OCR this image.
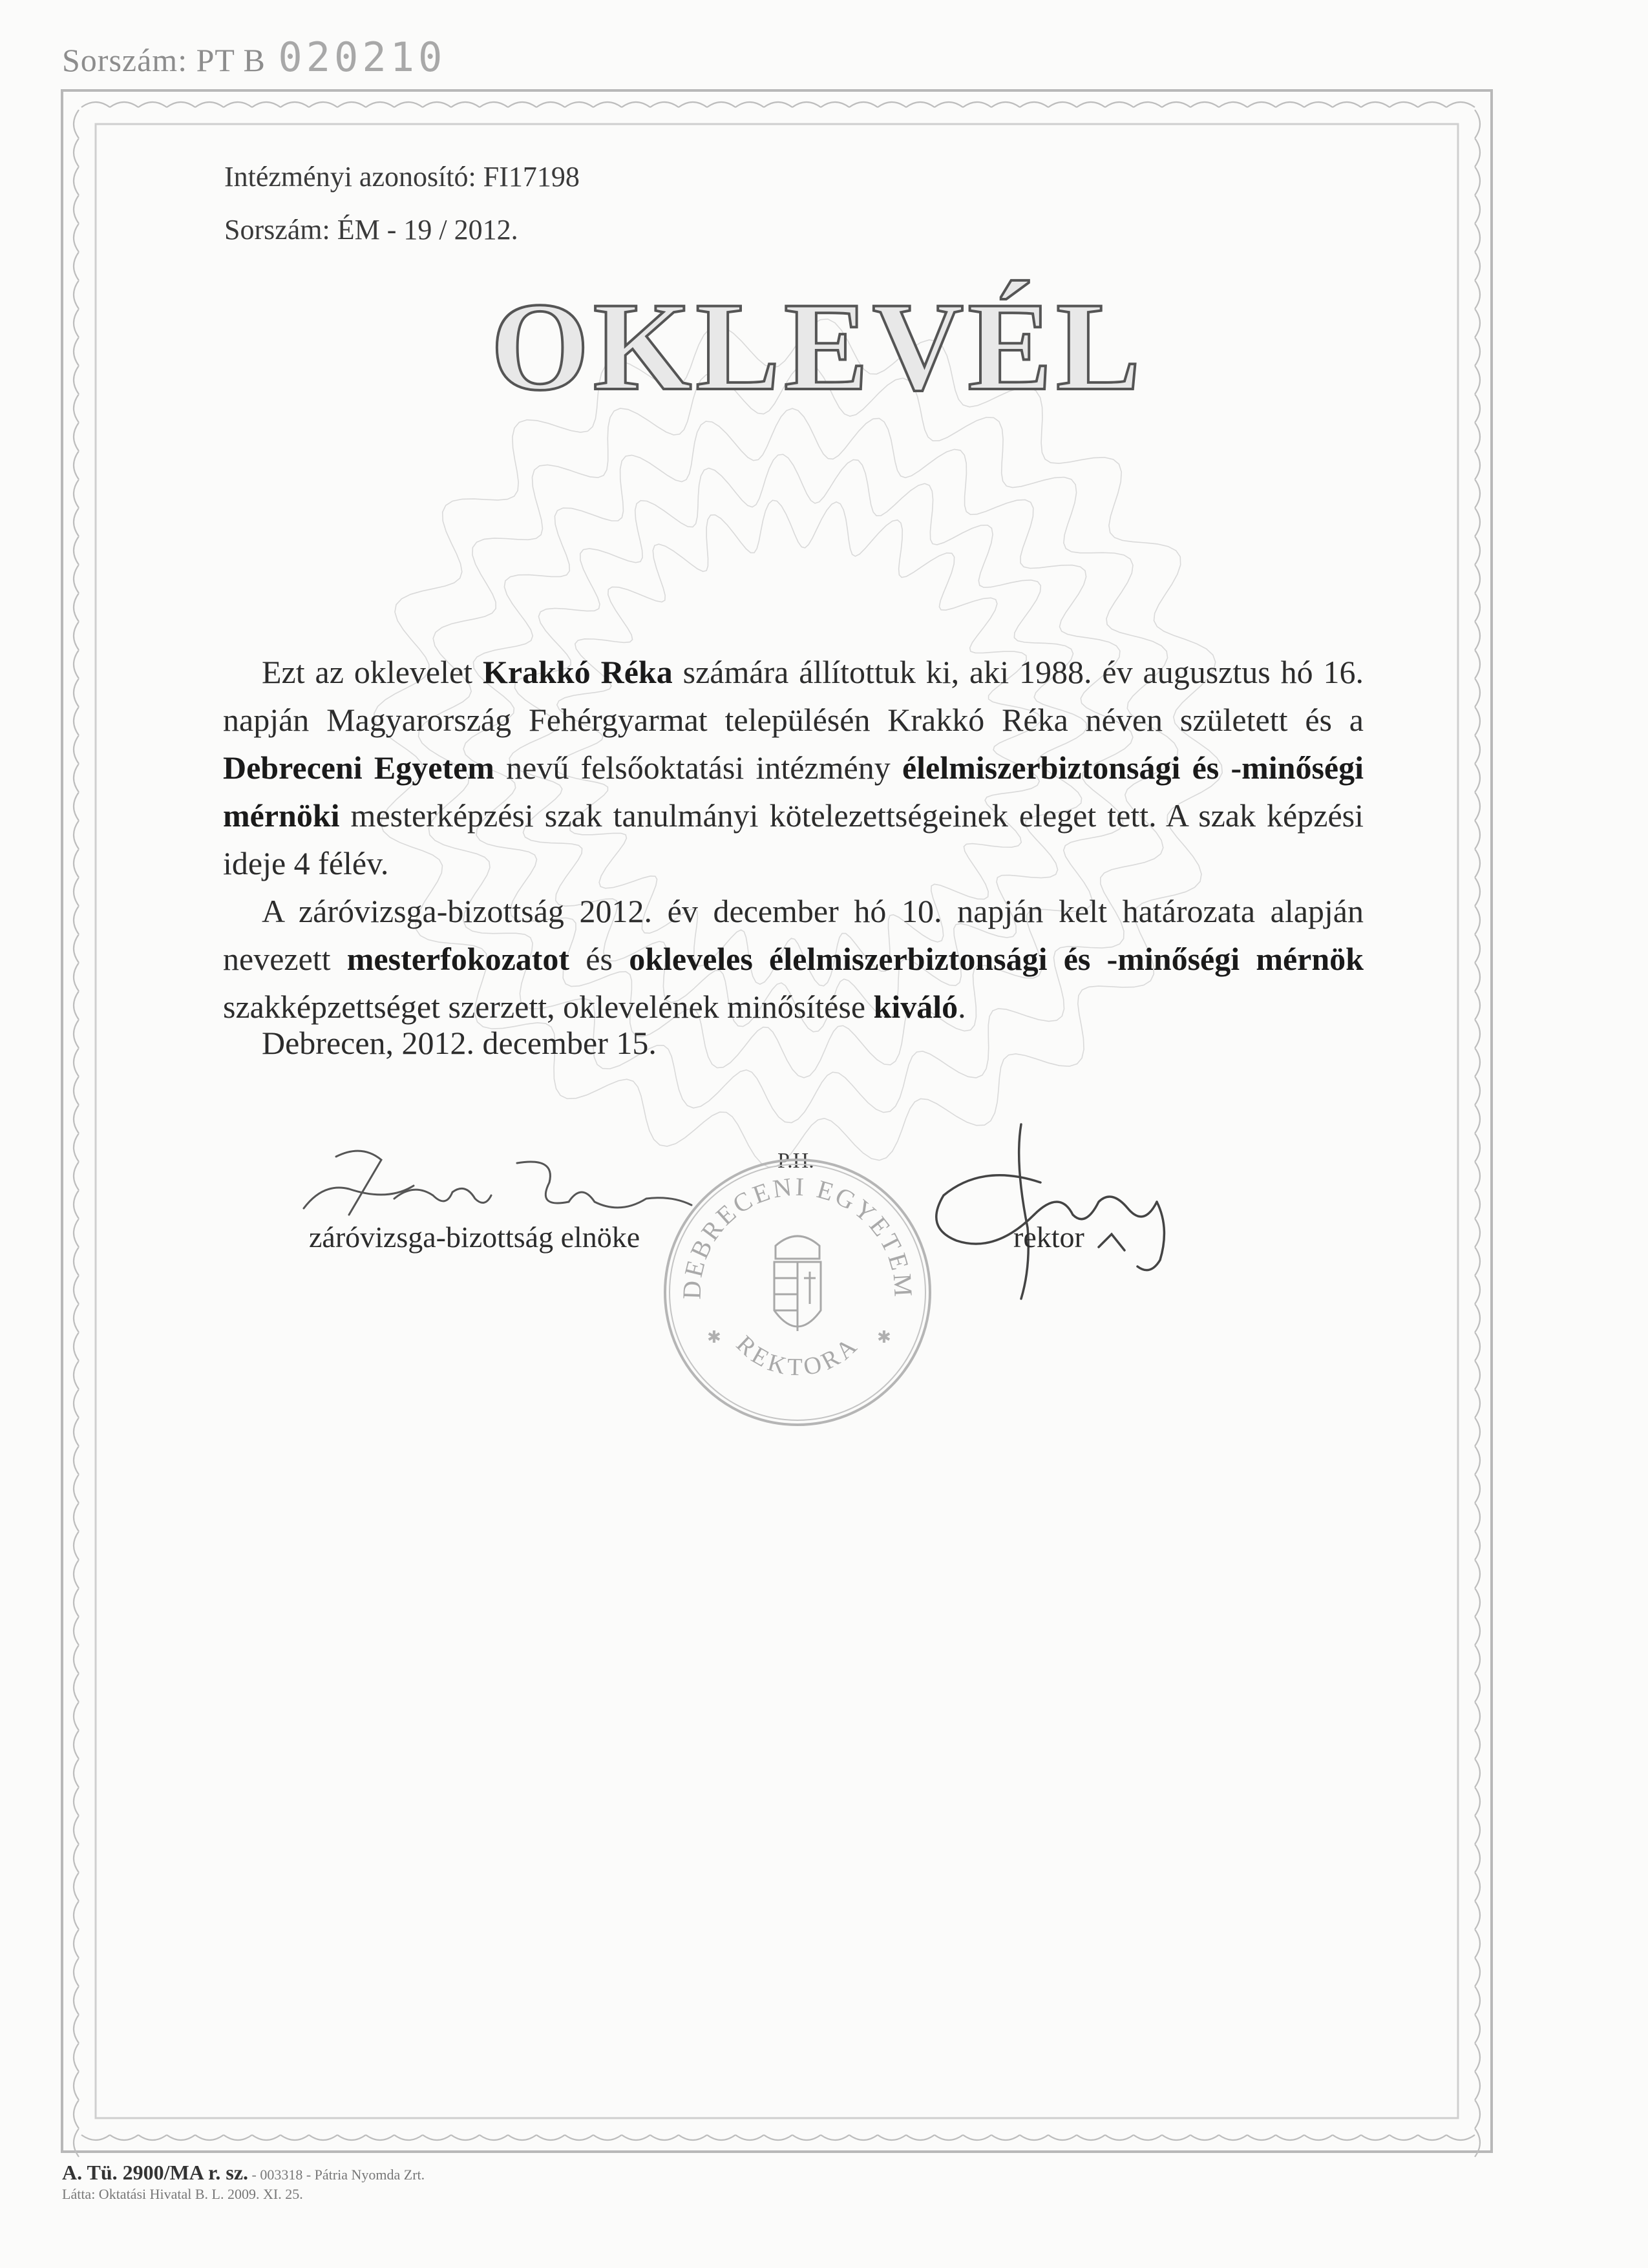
Sorszám: PT B 020210
Intézményi azonosító: FI17198
Sorszám: ÉM - 19 / 2012.
OKLEVÉL

Ezt az oklevelet Krakkó Réka számára állítottuk ki, aki 1988. év augusztus hó 16. napján Magyarország Fehérgyarmat településén Krakkó Réka néven született és a Debreceni Egyetem nevű felsőoktatási intézmény élelmiszerbiztonsági és -minőségi mérnöki mesterképzési szak tanulmányi kötelezettségeinek eleget tett. A szak képzési ideje 4 félév.

A záróvizsga-bizottság 2012. év december hó 10. napján kelt határozata alapján nevezett mesterfokozatot és okleveles élelmiszerbiztonsági és -minőségi mérnök szakképzettséget szerzett, oklevelének minősítése kiváló.

Debrecen, 2012. december 15.
P.H.
DEBRECENI EGYETEM
REKTORA
✱	✱
záróvizsga-bizottság elnöke	rektor
A. Tü. 2900/MA r. sz. - 003318 - Pátria Nyomda Zrt.
Látta: Oktatási Hivatal B. L. 2009. XI. 25.
